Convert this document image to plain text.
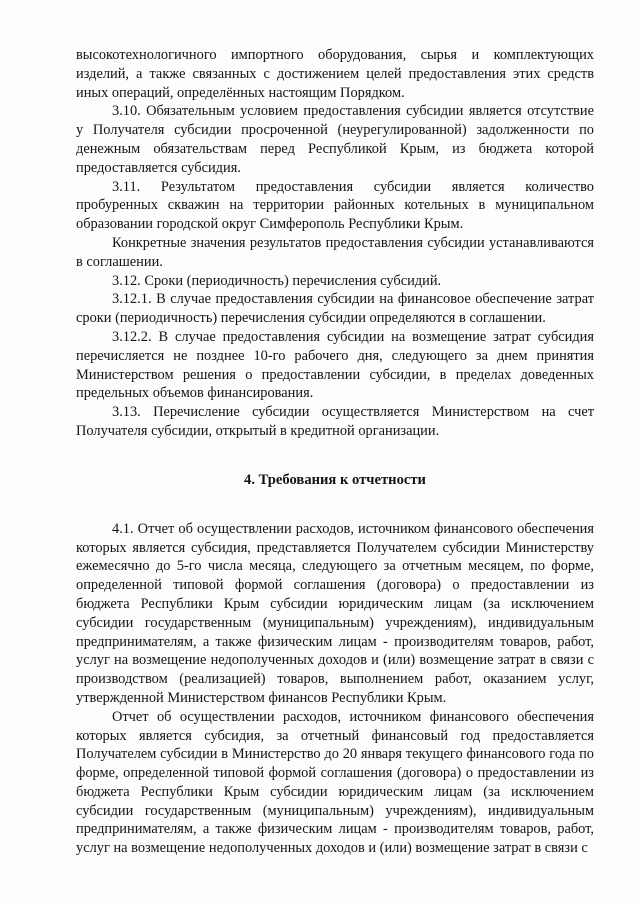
высокотехнологичного импортного оборудования, сырья и комплектующих изделий, а также связанных с достижением целей предоставления этих средств иных операций, определённых настоящим Порядком.

3.10. Обязательным условием предоставления субсидии является отсутствие у Получателя субсидии просроченной (неурегулированной) задолженности по денежным обязательствам перед Республикой Крым, из бюджета которой предоставляется субсидия.

3.11. Результатом предоставления субсидии является количество пробуренных скважин на территории районных котельных в муниципальном образовании городской округ Симферополь Республики Крым.

Конкретные значения результатов предоставления субсидии устанавливаются в соглашении.

3.12. Сроки (периодичность) перечисления субсидий.

3.12.1. В случае предоставления субсидии на финансовое обеспечение затрат сроки (периодичность) перечисления субсидии определяются в соглашении.

3.12.2. В случае предоставления субсидии на возмещение затрат субсидия перечисляется не позднее 10-го рабочего дня, следующего за днем принятия Министерством решения о предоставлении субсидии, в пределах доведенных предельных объемов финансирования.

3.13. Перечисление субсидии осуществляется Министерством на счет Получателя субсидии, открытый в кредитной организации.

4. Требования к отчетности

4.1. Отчет об осуществлении расходов, источником финансового обеспечения которых является субсидия, представляется Получателем субсидии Министерству ежемесячно до 5-го числа месяца, следующего за отчетным месяцем, по форме, определенной типовой формой соглашения (договора) о предоставлении из бюджета Республики Крым субсидии юридическим лицам (за исключением субсидии государственным (муниципальным) учреждениям), индивидуальным предпринимателям, а также физическим лицам - производителям товаров, работ, услуг на возмещение недополученных доходов и (или) возмещение затрат в связи с производством (реализацией) товаров, выполнением работ, оказанием услуг, утвержденной Министерством финансов Республики Крым.

Отчет об осуществлении расходов, источником финансового обеспечения которых является субсидия, за отчетный финансовый год предоставляется Получателем субсидии в Министерство до 20 января текущего финансового года по форме, определенной типовой формой соглашения (договора) о предоставлении из бюджета Республики Крым субсидии юридическим лицам (за исключением субсидии государственным (муниципальным) учреждениям), индивидуальным предпринимателям, а также физическим лицам - производителям товаров, работ, услуг на возмещение недополученных доходов и (или) возмещение затрат в связи с
